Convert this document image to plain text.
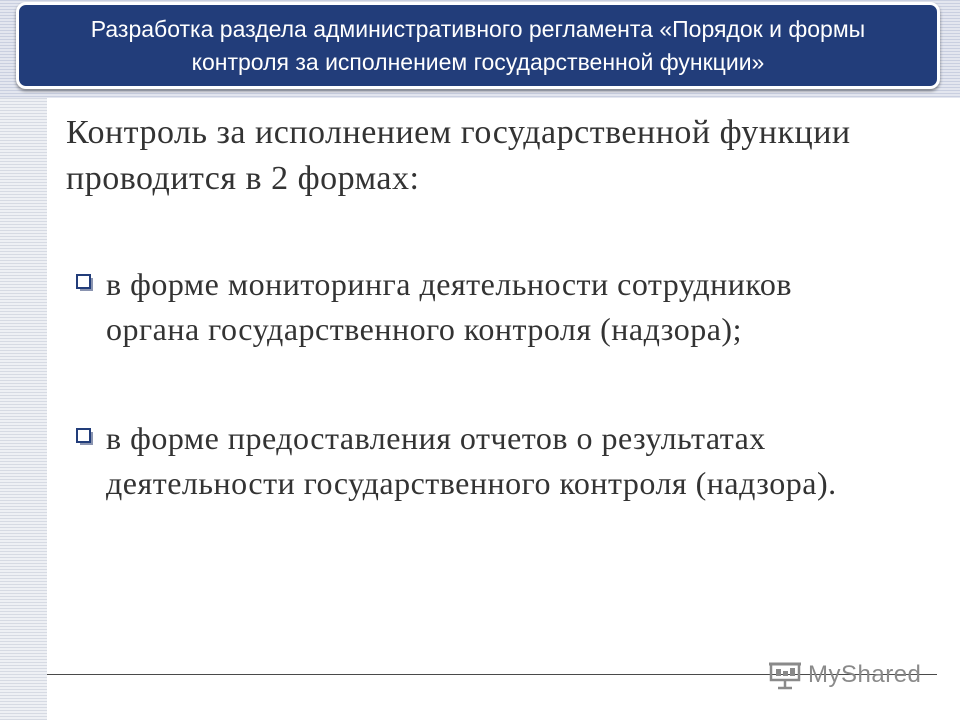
Разработка раздела административного регламента «Порядок и формы
контроля за исполнением государственной функции»
Контроль за исполнением государственной функции
проводится в 2 формах:
в форме мониторинга деятельности сотрудников
органа государственного контроля (надзора);
в форме предоставления отчетов о результатах
деятельности государственного контроля (надзора).
MyShared
